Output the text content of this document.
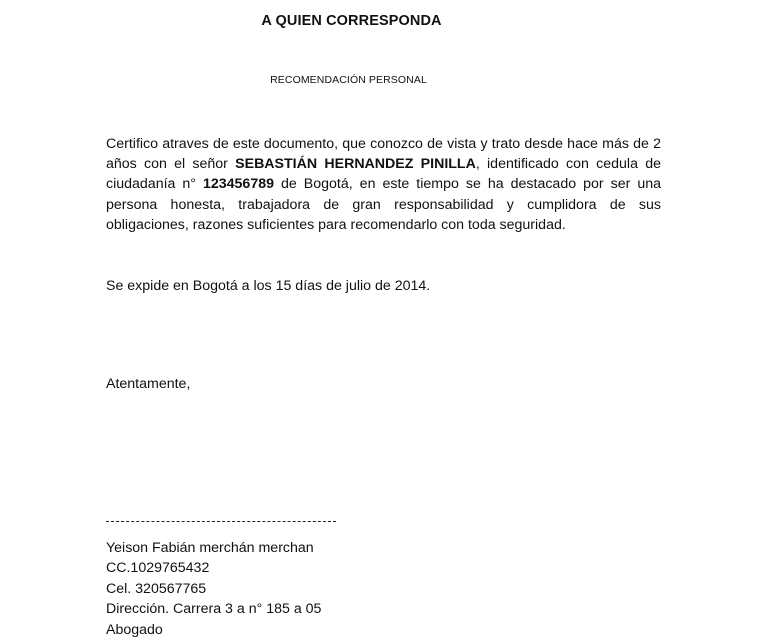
A QUIEN CORRESPONDA
RECOMENDACIÓN PERSONAL
Certifico atraves de este documento, que conozco de vista y trato desde hace más de 2 años con el señor SEBASTIÁN HERNANDEZ PINILLA, identificado con cedula de ciudadanía n° 123456789 de Bogotá, en este tiempo se ha destacado por ser una persona honesta, trabajadora de gran responsabilidad y cumplidora de sus obligaciones, razones suficientes para recomendarlo con toda seguridad.
Se expide en Bogotá a los 15 días de julio de 2014.
Atentamente,
Yeison Fabián merchán merchan
CC.1029765432
Cel. 320567765
Dirección. Carrera 3 a n° 185 a 05
Abogado
